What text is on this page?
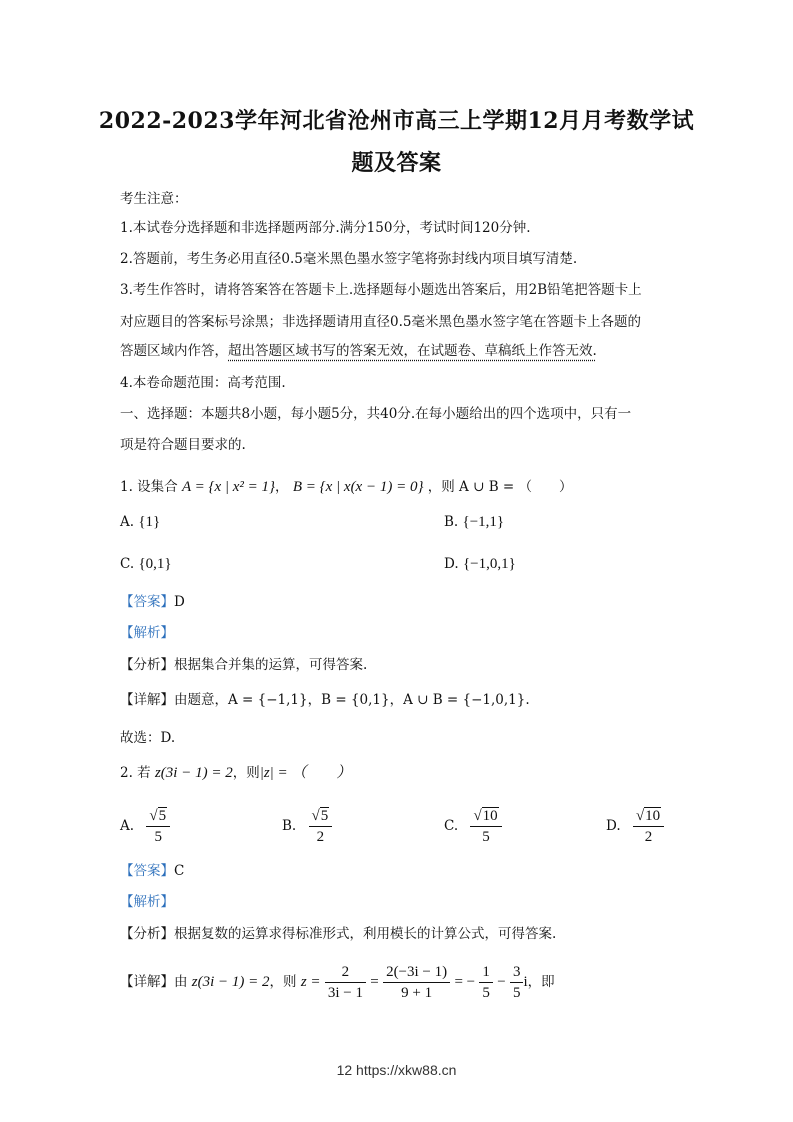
2022-2023学年河北省沧州市高三上学期12月月考数学试
题及答案
考生注意：
1.本试卷分选择题和非选择题两部分.满分150分，考试时间120分钟.
2.答题前，考生务必用直径0.5毫米黑色墨水签字笔将弥封线内项目填写清楚.
3.考生作答时，请将答案答在答题卡上.选择题每小题选出答案后，用2B铅笔把答题卡上
对应题目的答案标号涂黑；非选择题请用直径0.5毫米黑色墨水签字笔在答题卡上各题的
答题区域内作答，超出答题区域书写的答案无效，在试题卷、草稿纸上作答无效.
4.本卷命题范围：高考范围.
一、选择题：本题共8小题，每小题5分，共40分.在每小题给出的四个选项中，只有一
项是符合题目要求的.
1. 设集合 A = {x | x² = 1}， B = {x | x(x − 1) = 0} ，则 A ∪ B = （　　）
A. {1}	B. {−1,1}
C. {0,1}	D. {−1,0,1}
【答案】D
【解析】
【分析】根据集合并集的运算，可得答案.
【详解】由题意，A = {−1,1}，B = {0,1}，A ∪ B = {−1,0,1}.
故选：D.
2. 若 z(3i − 1) = 2，则|z| = （　　）
A. $\frac{√5}{5}$	B. $\frac{√5}{2}$	C. $\frac{√10}{5}$	D. $\frac{√10}{2}$
【答案】C
【解析】
【分析】根据复数的运算求得标准形式，利用模长的计算公式，可得答案.
【详解】由 z(3i − 1) = 2，则 $z = \frac{2}{3i - 1} = \frac{2(-3i - 1)}{9 + 1}$ = − $\frac{1}{5} - \frac{3}{5}$ i，即
12 https://xkw88.cn
